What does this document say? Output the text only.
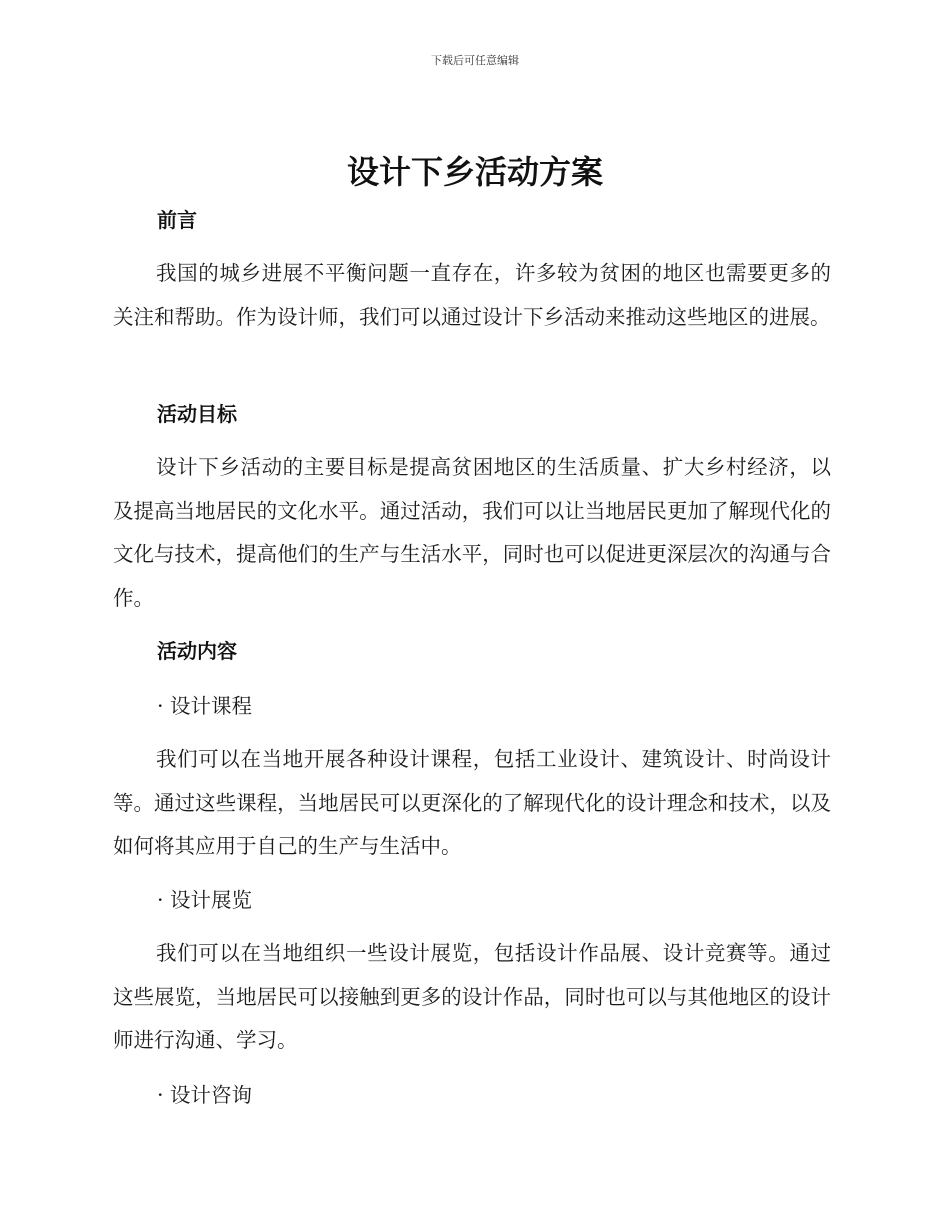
下载后可任意编辑
设计下乡活动方案
前言

我国的城乡进展不平衡问题一直存在，许多较为贫困的地区也需要更多的关注和帮助。作为设计师，我们可以通过设计下乡活动来推动这些地区的进展。

活动目标

设计下乡活动的主要目标是提高贫困地区的生活质量、扩大乡村经济，以及提高当地居民的文化水平。通过活动，我们可以让当地居民更加了解现代化的文化与技术，提高他们的生产与生活水平，同时也可以促进更深层次的沟通与合作。

活动内容

· 设计课程

我们可以在当地开展各种设计课程，包括工业设计、建筑设计、时尚设计等。通过这些课程，当地居民可以更深化的了解现代化的设计理念和技术，以及如何将其应用于自己的生产与生活中。

· 设计展览

我们可以在当地组织一些设计展览，包括设计作品展、设计竞赛等。通过这些展览，当地居民可以接触到更多的设计作品，同时也可以与其他地区的设计师进行沟通、学习。

· 设计咨询
